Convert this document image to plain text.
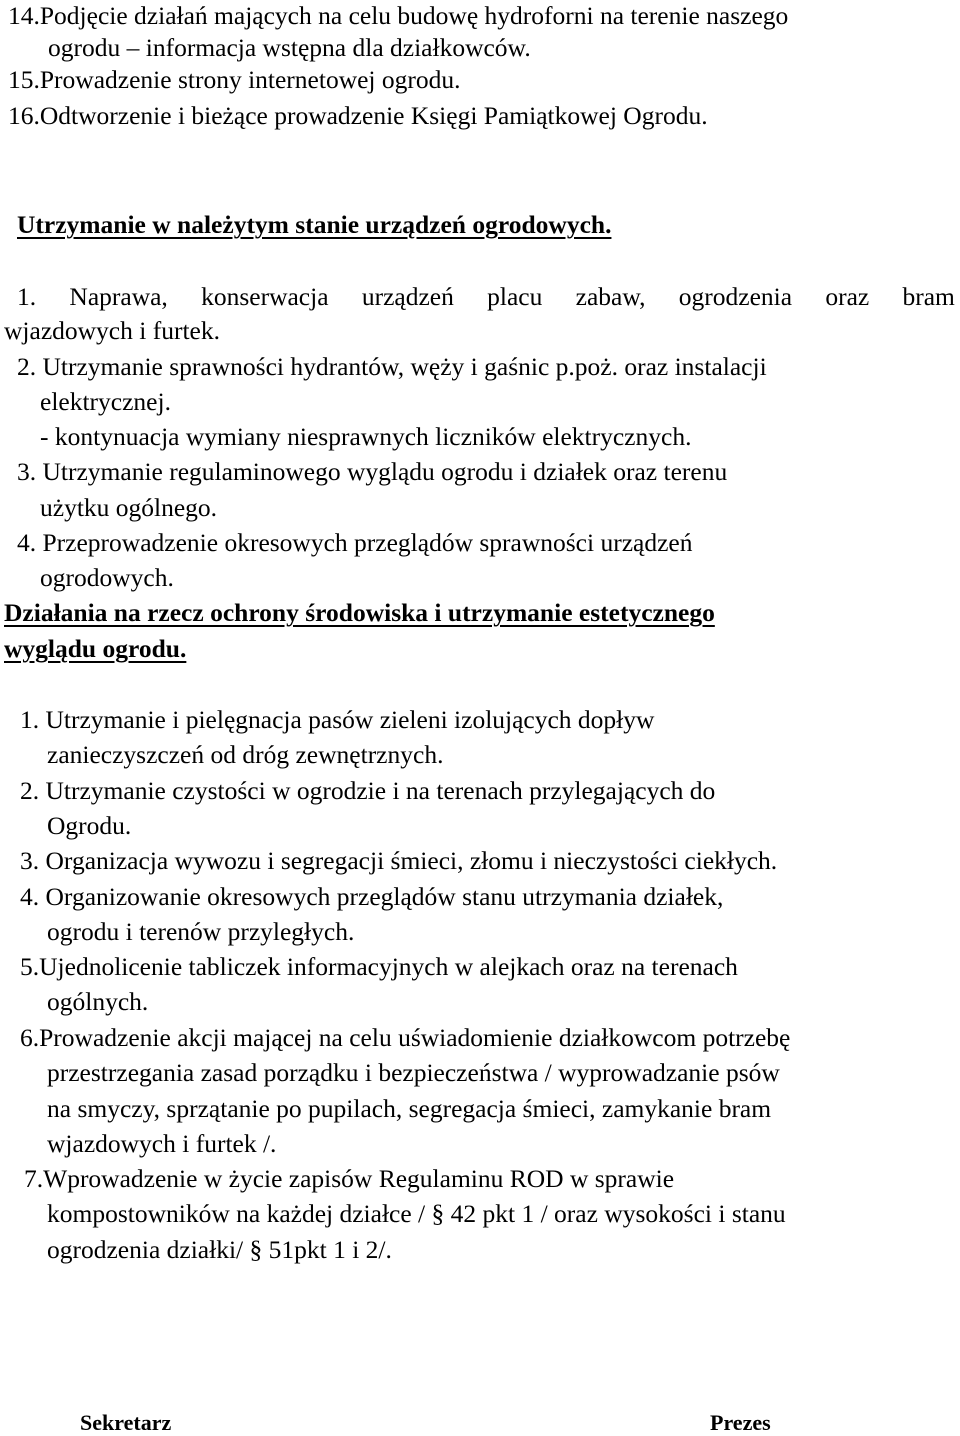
14.Podjęcie działań mających na celu budowę hydroforni na terenie naszego
ogrodu – informacja wstępna dla działkowców.
15.Prowadzenie strony internetowej ogrodu.
16.Odtworzenie i bieżące prowadzenie Księgi Pamiątkowej Ogrodu.
Utrzymanie w należytym stanie urządzeń ogrodowych.
1. Naprawa, konserwacja urządzeń placu zabaw, ogrodzenia oraz bram
wjazdowych i furtek.
2. Utrzymanie sprawności hydrantów, węży i gaśnic p.poż. oraz instalacji
elektrycznej.
- kontynuacja wymiany niesprawnych liczników elektrycznych.
3. Utrzymanie regulaminowego wyglądu ogrodu i działek oraz terenu
użytku ogólnego.
4. Przeprowadzenie okresowych przeglądów sprawności urządzeń
ogrodowych.
Działania na rzecz ochrony środowiska i utrzymanie estetycznego
wyglądu ogrodu.
1. Utrzymanie i pielęgnacja pasów zieleni izolujących dopływ
zanieczyszczeń od dróg zewnętrznych.
2. Utrzymanie czystości w ogrodzie i na terenach przylegających do
Ogrodu.
3. Organizacja wywozu i segregacji śmieci, złomu i nieczystości ciekłych.
4. Organizowanie okresowych przeglądów stanu utrzymania działek,
ogrodu i terenów przyległych.
5.Ujednolicenie tabliczek informacyjnych w alejkach oraz na terenach
ogólnych.
6.Prowadzenie akcji mającej na celu uświadomienie działkowcom potrzebę
przestrzegania zasad porządku i bezpieczeństwa / wyprowadzanie psów
na smyczy, sprzątanie po pupilach, segregacja śmieci, zamykanie bram
wjazdowych i furtek /.
7.Wprowadzenie w życie zapisów Regulaminu ROD w sprawie
kompostowników na każdej działce / § 42 pkt 1 / oraz wysokości i stanu
ogrodzenia działki/ § 51pkt 1 i 2/.
Sekretarz	Prezes
